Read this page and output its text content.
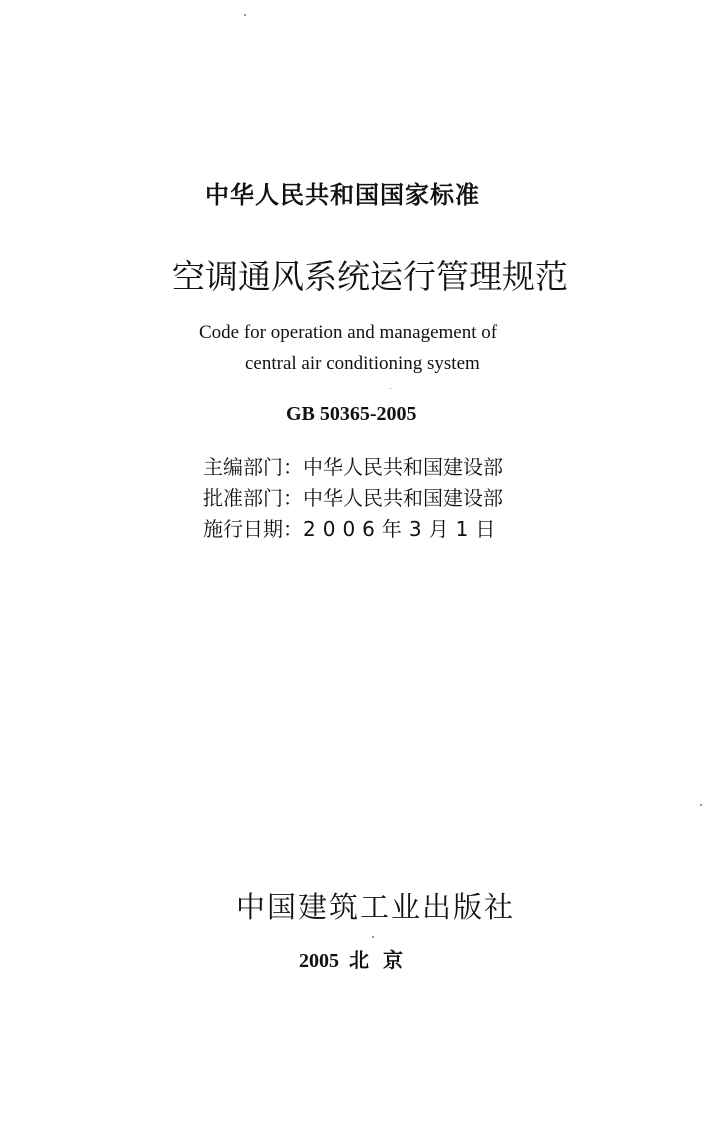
中华人民共和国国家标准
空调通风系统运行管理规范
Code for operation and management of
central air conditioning system
GB 50365-2005
主编部门： 中华人民共和国建设部
批准部门： 中华人民共和国建设部
施行日期： 2006年3月1日
中国建筑工业出版社
2005 北京
